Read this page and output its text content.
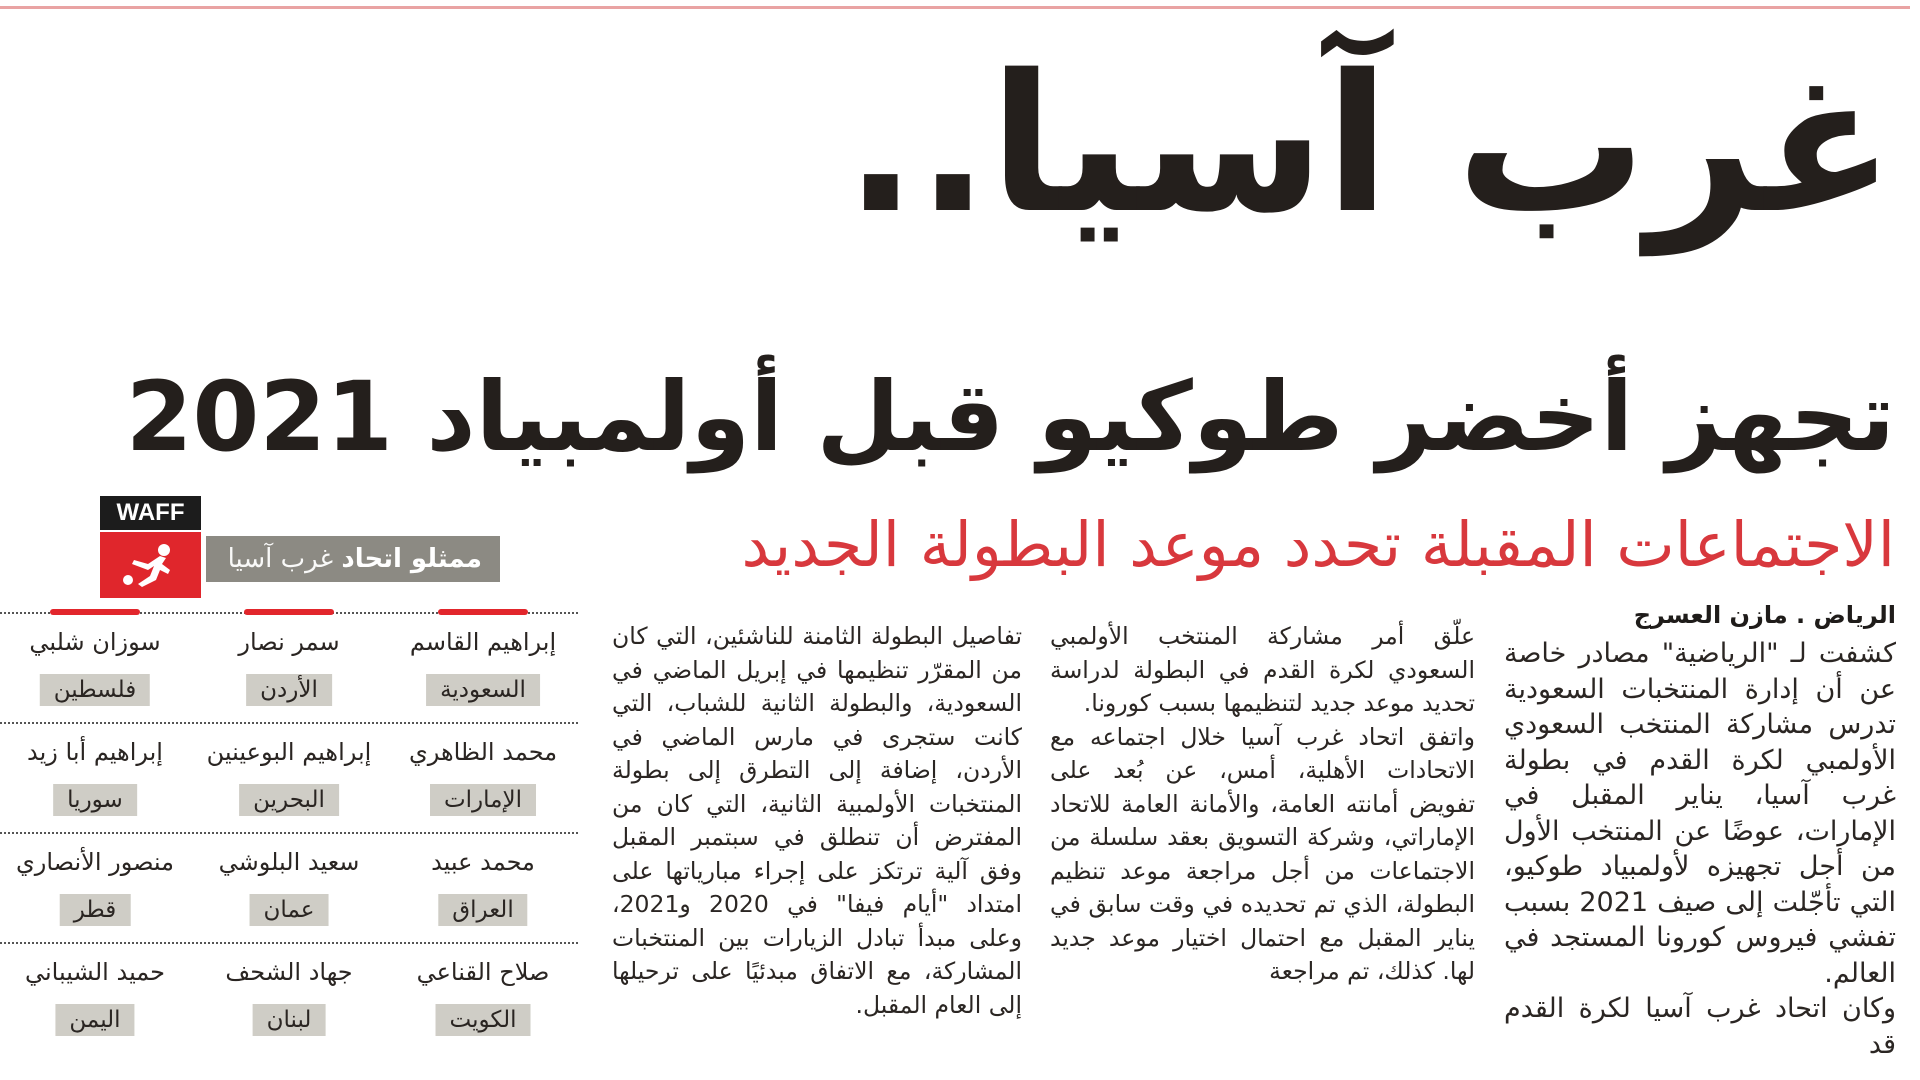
غرب آسيا..
تجهز أخضر طوكيو قبل أولمبياد 2021
الاجتماعات المقبلة تحدد موعد البطولة الجديد
WAFF
ممثلو اتحاد غرب آسيا
إبراهيم القاسم
السعودية
سمر نصار
الأردن
سوزان شلبي
فلسطين
محمد الظاهري
الإمارات
إبراهيم البوعينين
البحرين
إبراهيم أبا زيد
سوريا
محمد عبيد
العراق
سعيد البلوشي
عمان
منصور الأنصاري
قطر
صلاح القناعي
الكويت
جهاد الشحف
لبنان
حميد الشيباني
اليمن
الرياض . مازن العسرج
كشفت لـ "الرياضية" مصادر خاصة عن أن إدارة المنتخبات السعودية تدرس مشاركة المنتخب السعودي الأولمبي لكرة القدم في بطولة غرب آسيا، يناير المقبل في الإمارات، عوضًا عن المنتخب الأول من أجل تجهيزه لأولمبياد طوكيو، التي تأجّلت إلى صيف 2021 بسبب تفشي فيروس كورونا المستجد في العالم.
وكان اتحاد غرب آسيا لكرة القدم قد
علّق أمر مشاركة المنتخب الأولمبي السعودي لكرة القدم في البطولة لدراسة تحديد موعد جديد لتنظيمها بسبب كورونا.
واتفق اتحاد غرب آسيا خلال اجتماعه مع الاتحادات الأهلية، أمس، عن بُعد على تفويض أمانته العامة، والأمانة العامة للاتحاد الإماراتي، وشركة التسويق بعقد سلسلة من الاجتماعات من أجل مراجعة موعد تنظيم البطولة، الذي تم تحديده في وقت سابق في يناير المقبل مع احتمال اختيار موعد جديد لها. كذلك، تم مراجعة
تفاصيل البطولة الثامنة للناشئين، التي كان من المقرّر تنظيمها في إبريل الماضي في السعودية، والبطولة الثانية للشباب، التي كانت ستجرى في مارس الماضي في الأردن، إضافة إلى التطرق إلى بطولة المنتخبات الأولمبية الثانية، التي كان من المفترض أن تنطلق في سبتمبر المقبل وفق آلية ترتكز على إجراء مبارياتها على امتداد "أيام فيفا" في 2020 و2021، وعلى مبدأ تبادل الزيارات بين المنتخبات المشاركة، مع الاتفاق مبدئيًا على ترحيلها إلى العام المقبل.
